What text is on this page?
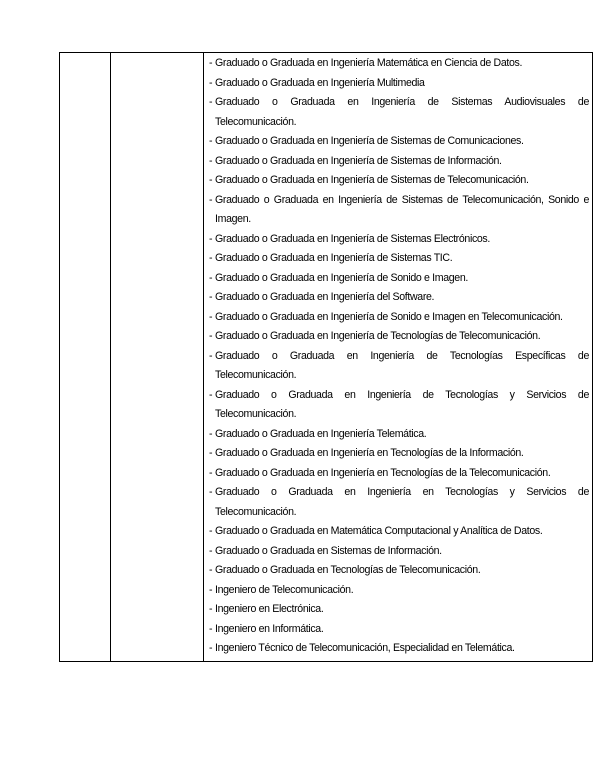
- Graduado o Graduada en Ingeniería Matemática en Ciencia de Datos.
- Graduado o Graduada en Ingeniería Multimedia
- Graduado o Graduada en Ingeniería de Sistemas Audiovisuales de Telecomunicación.
- Graduado o Graduada en Ingeniería de Sistemas de Comunicaciones.
- Graduado o Graduada en Ingeniería de Sistemas de Información.
- Graduado o Graduada en Ingeniería de Sistemas de Telecomunicación.
- Graduado o Graduada en Ingeniería de Sistemas de Telecomunicación, Sonido e Imagen.
- Graduado o Graduada en Ingeniería de Sistemas Electrónicos.
- Graduado o Graduada en Ingeniería de Sistemas TIC.
- Graduado o Graduada en Ingeniería de Sonido e Imagen.
- Graduado o Graduada en Ingeniería del Software.
- Graduado o Graduada en Ingeniería de Sonido e Imagen en Telecomunicación.
- Graduado o Graduada en Ingeniería de Tecnologías de Telecomunicación.
- Graduado o Graduada en Ingeniería de Tecnologías Específicas de Telecomunicación.
- Graduado o Graduada en Ingeniería de Tecnologías y Servicios de Telecomunicación.
- Graduado o Graduada en Ingeniería Telemática.
- Graduado o Graduada en Ingeniería en Tecnologías de la Información.
- Graduado o Graduada en Ingeniería en Tecnologías de la Telecomunicación.
- Graduado o Graduada en Ingeniería en Tecnologías y Servicios de Telecomunicación.
- Graduado o Graduada en Matemática Computacional y Analítica de Datos.
- Graduado o Graduada en Sistemas de Información.
- Graduado o Graduada en Tecnologías de Telecomunicación.
- Ingeniero de Telecomunicación.
- Ingeniero en Electrónica.
- Ingeniero en Informática.
- Ingeniero Técnico de Telecomunicación, Especialidad en Telemática.
